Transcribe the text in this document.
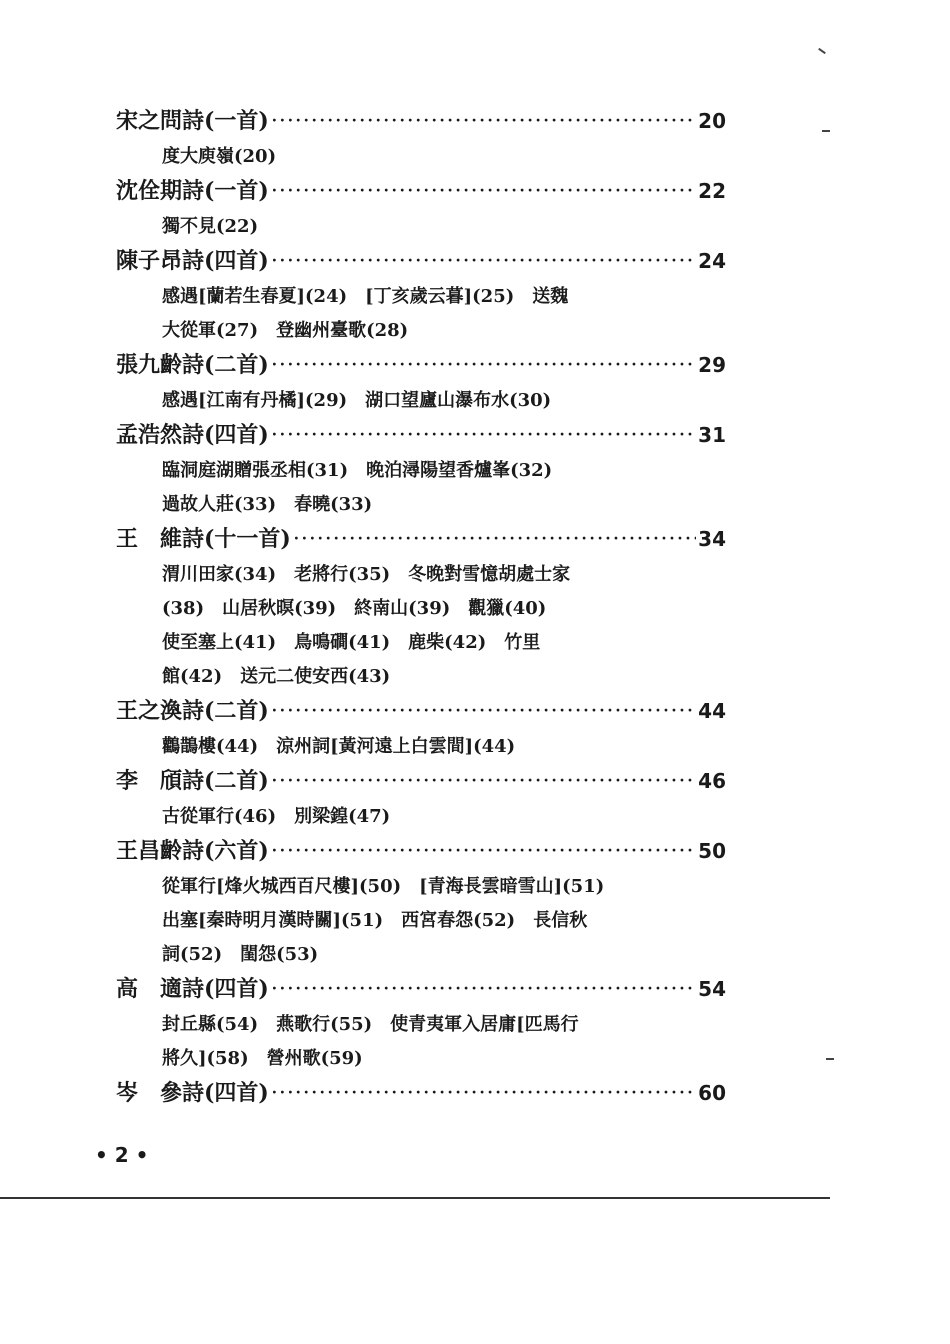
宋之問詩(一首) ·····	20
度大庾嶺(20)
沈佺期詩(一首) ·····	22
獨不見(22)
陳子昂詩(四首) ·····	24
感遇[蘭若生春夏](24)　[丁亥歲云暮](25)　送魏
大從軍(27)　登幽州臺歌(28)
張九齡詩(二首) ·····	29
感遇[江南有丹橘](29)　湖口望廬山瀑布水(30)
孟浩然詩(四首) ·····	31
臨洞庭湖贈張丞相(31)　晚泊潯陽望香爐峯(32)
過故人莊(33)　春曉(33)
王　維詩(十一首) ·····	34
渭川田家(34)　老將行(35)　冬晚對雪憶胡處士家
(38)　山居秋暝(39)　終南山(39)　觀獵(40)
使至塞上(41)　鳥鳴磵(41)　鹿柴(42)　竹里
館(42)　送元二使安西(43)
王之渙詩(二首) ·····	44
鸛鵲樓(44)　涼州詞[黃河遠上白雲間](44)
李　頎詩(二首) ·····	46
古從軍行(46)　別梁鍠(47)
王昌齡詩(六首) ·····	50
從軍行[烽火城西百尺樓](50)　[青海長雲暗雪山](51)
出塞[秦時明月漢時關](51)　西宮春怨(52)　長信秋
詞(52)　閨怨(53)
高　適詩(四首) ·····	54
封丘縣(54)　燕歌行(55)　使青夷軍入居庸[匹馬行
將久](58)　營州歌(59)
岑　參詩(四首) ·····	60
• 2 •
